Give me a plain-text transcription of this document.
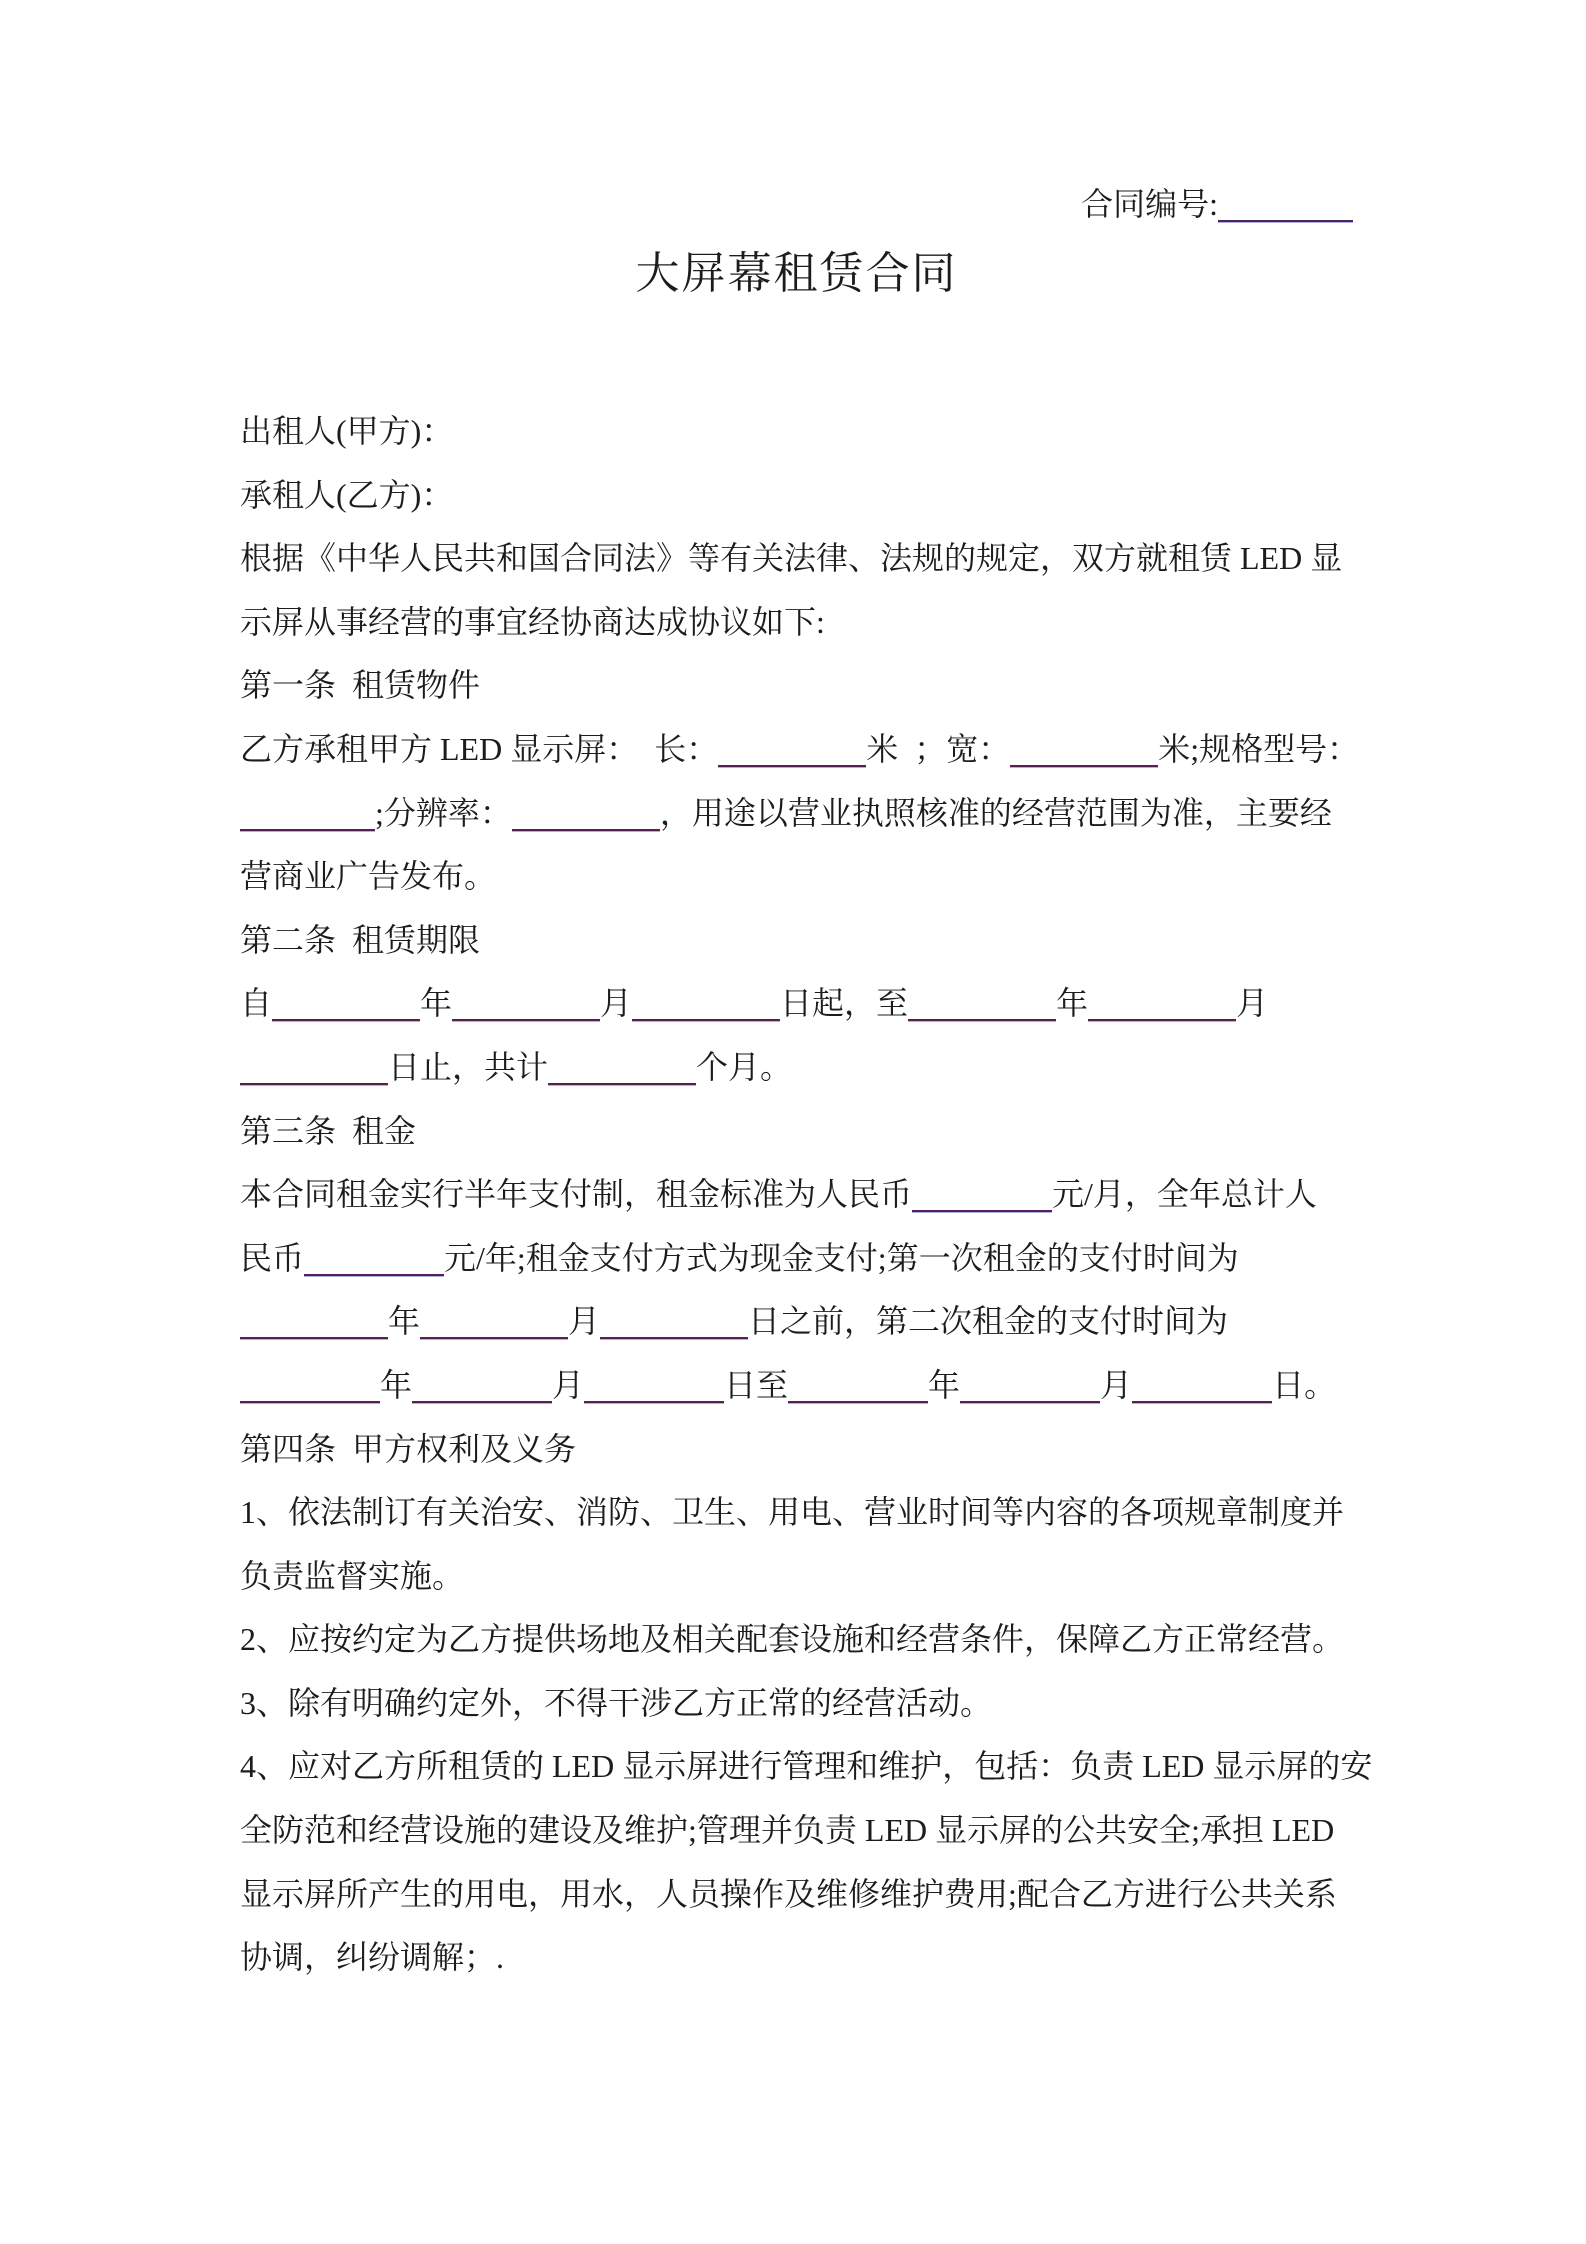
合同编号:
大屏幕租赁合同
出租人(甲方)：
承租人(乙方)：
根据《中华人民共和国合同法》等有关法律、法规的规定，双方就租赁 LED 显
示屏从事经营的事宜经协商达成协议如下:
第一条  租赁物件
乙方承租甲方 LED 显示屏：  长：	米  ；宽：	米;规格型号：
;分辨率：	，用途以营业执照核准的经营范围为准，主要经
营商业广告发布。
第二条  租赁期限
自	年	月	日起，至	年	月
日止，共计	个月。
第三条  租金
本合同租金实行半年支付制，租金标准为人民币	元/月，全年总计人
民币	元/年;租金支付方式为现金支付;第一次租金的支付时间为
年	月	日之前，第二次租金的支付时间为
年	月	日至	年	月	日。
第四条  甲方权利及义务
1、依法制订有关治安、消防、卫生、用电、营业时间等内容的各项规章制度并
负责监督实施。
2、应按约定为乙方提供场地及相关配套设施和经营条件，保障乙方正常经营。
3、除有明确约定外，不得干涉乙方正常的经营活动。
4、应对乙方所租赁的 LED 显示屏进行管理和维护，包括：负责 LED 显示屏的安
全防范和经营设施的建设及维护;管理并负责 LED 显示屏的公共安全;承担 LED
显示屏所产生的用电，用水，人员操作及维修维护费用;配合乙方进行公共关系
协调，纠纷调解；.
